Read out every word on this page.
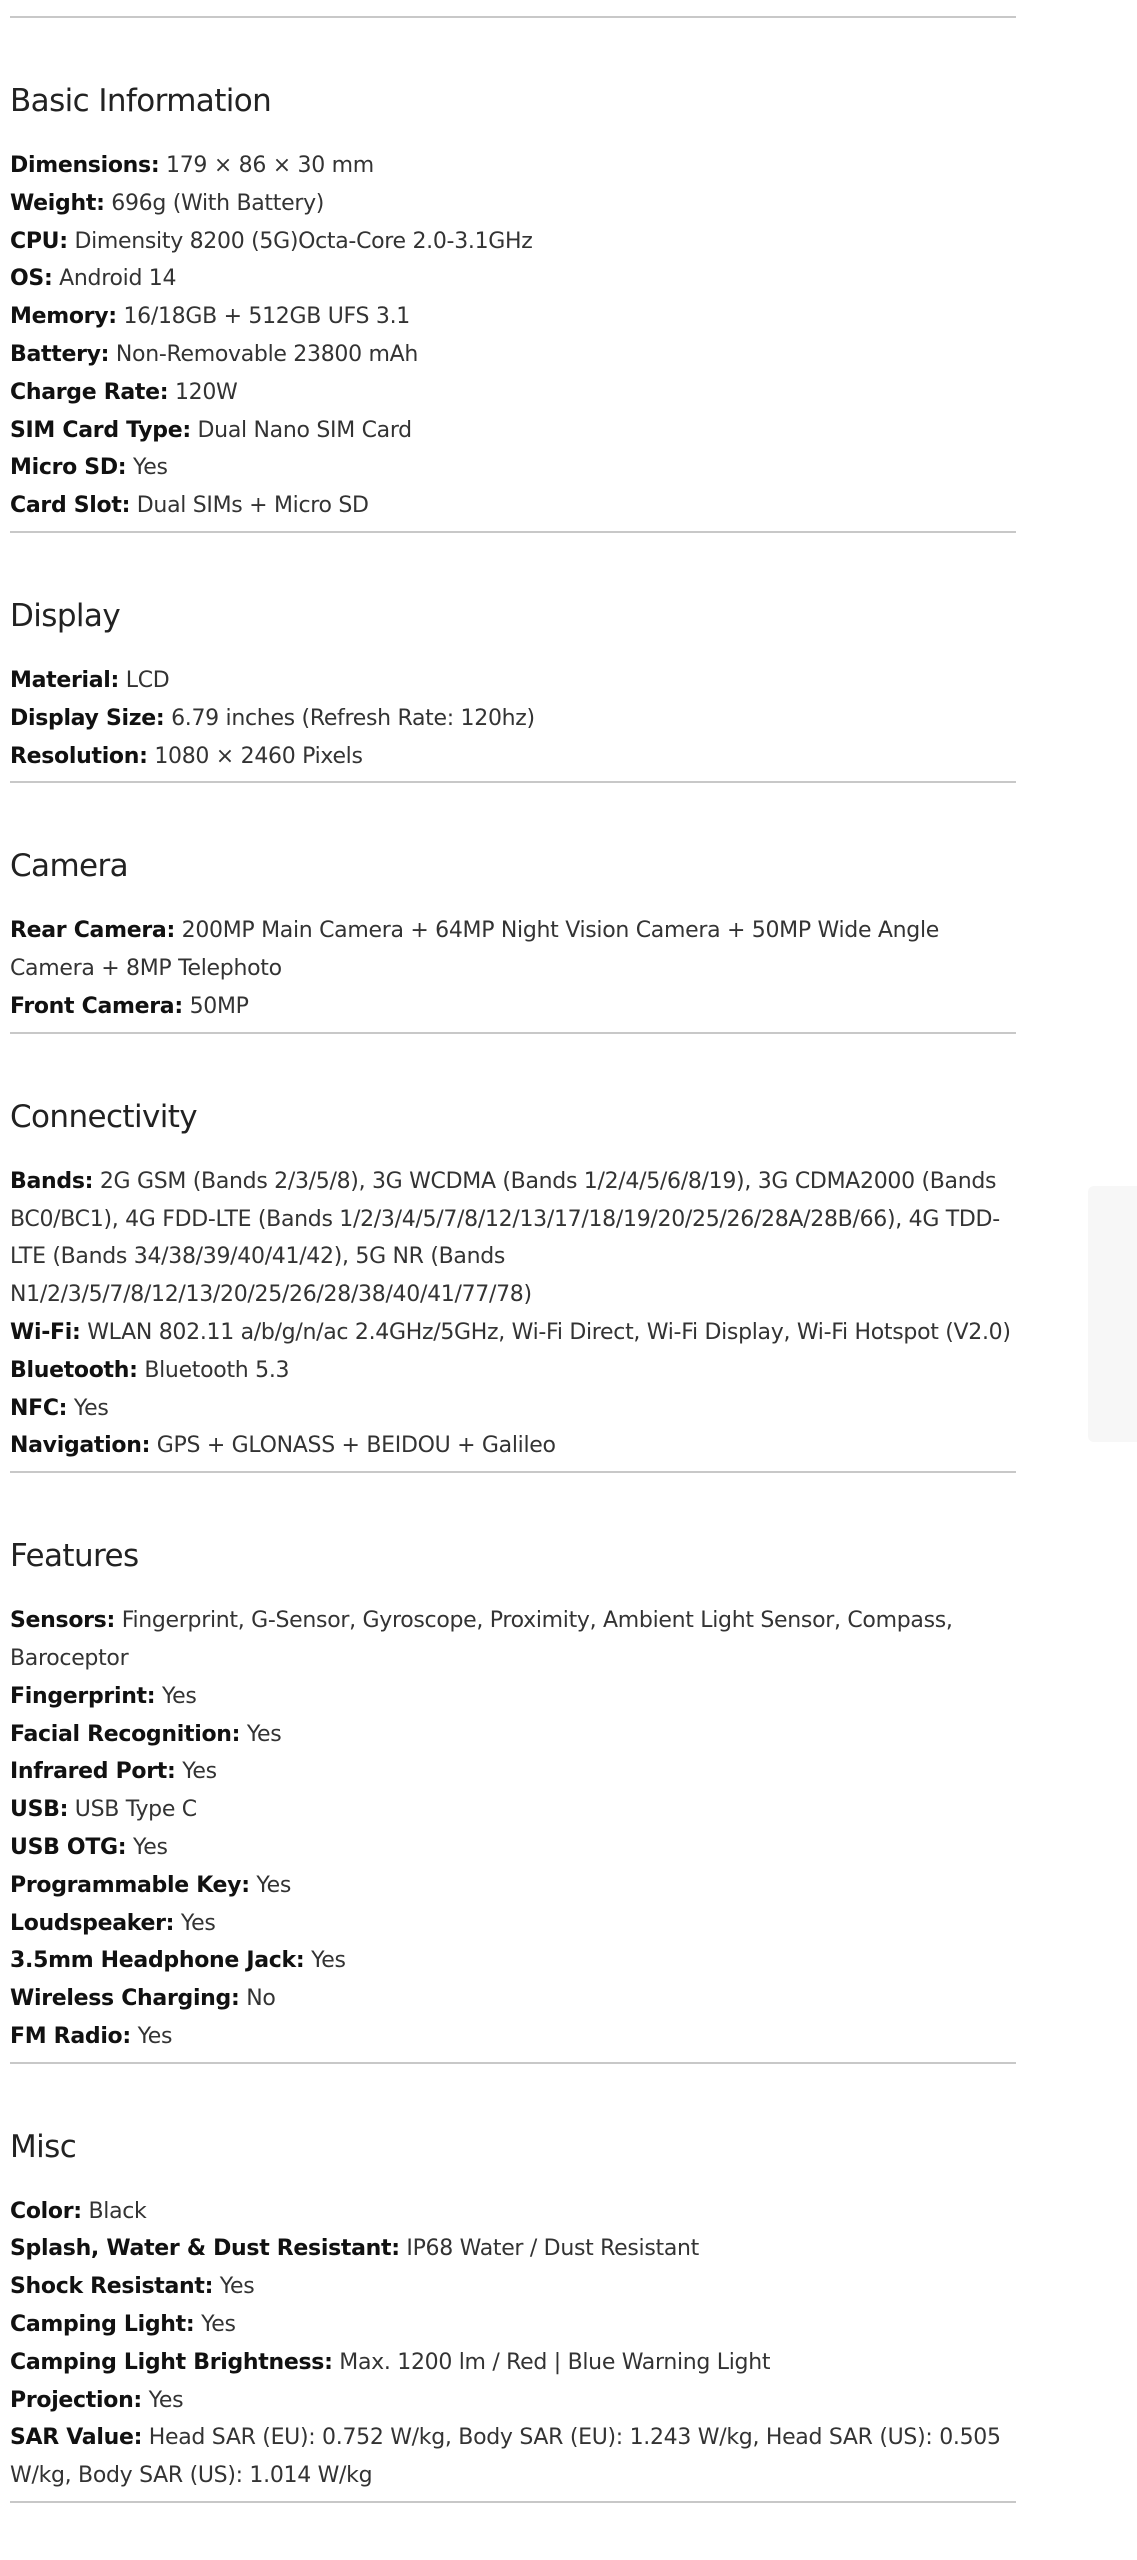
Basic Information
Dimensions: 179 × 86 × 30 mm
Weight: 696g (With Battery)
CPU: Dimensity 8200 (5G)Octa-Core 2.0-3.1GHz
OS: Android 14
Memory: 16/18GB + 512GB UFS 3.1
Battery: Non-Removable 23800 mAh
Charge Rate: 120W
SIM Card Type: Dual Nano SIM Card
Micro SD: Yes
Card Slot: Dual SIMs + Micro SD
Display
Material: LCD
Display Size: 6.79 inches (Refresh Rate: 120hz)
Resolution: 1080 × 2460 Pixels
Camera
Rear Camera: 200MP Main Camera + 64MP Night Vision Camera + 50MP Wide Angle Camera + 8MP Telephoto
Front Camera: 50MP
Connectivity
Bands: 2G GSM (Bands 2/3/5/8), 3G WCDMA (Bands 1/2/4/5/6/8/19), 3G CDMA2000 (Bands BC0/BC1), 4G FDD-LTE (Bands 1/2/3/4/5/7/8/12/13/17/18/19/20/25/26/28A/28B/66), 4G TDD-LTE (Bands 34/38/39/40/41/42), 5G NR (Bands N1/2/3/5/7/8/12/13/20/25/26/28/38/40/41/77/78)
Wi-Fi: WLAN 802.11 a/b/g/n/ac 2.4GHz/5GHz, Wi-Fi Direct, Wi-Fi Display, Wi-Fi Hotspot (V2.0)
Bluetooth: Bluetooth 5.3
NFC: Yes
Navigation: GPS + GLONASS + BEIDOU + Galileo
Features
Sensors: Fingerprint, G-Sensor, Gyroscope, Proximity, Ambient Light Sensor, Compass, Baroceptor
Fingerprint: Yes
Facial Recognition: Yes
Infrared Port: Yes
USB: USB Type C
USB OTG: Yes
Programmable Key: Yes
Loudspeaker: Yes
3.5mm Headphone Jack: Yes
Wireless Charging: No
FM Radio: Yes
Misc
Color: Black
Splash, Water & Dust Resistant: IP68 Water / Dust Resistant
Shock Resistant: Yes
Camping Light: Yes
Camping Light Brightness: Max. 1200 lm / Red | Blue Warning Light
Projection: Yes
SAR Value: Head SAR (EU): 0.752 W/kg, Body SAR (EU): 1.243 W/kg, Head SAR (US): 0.505 W/kg, Body SAR (US): 1.014 W/kg
